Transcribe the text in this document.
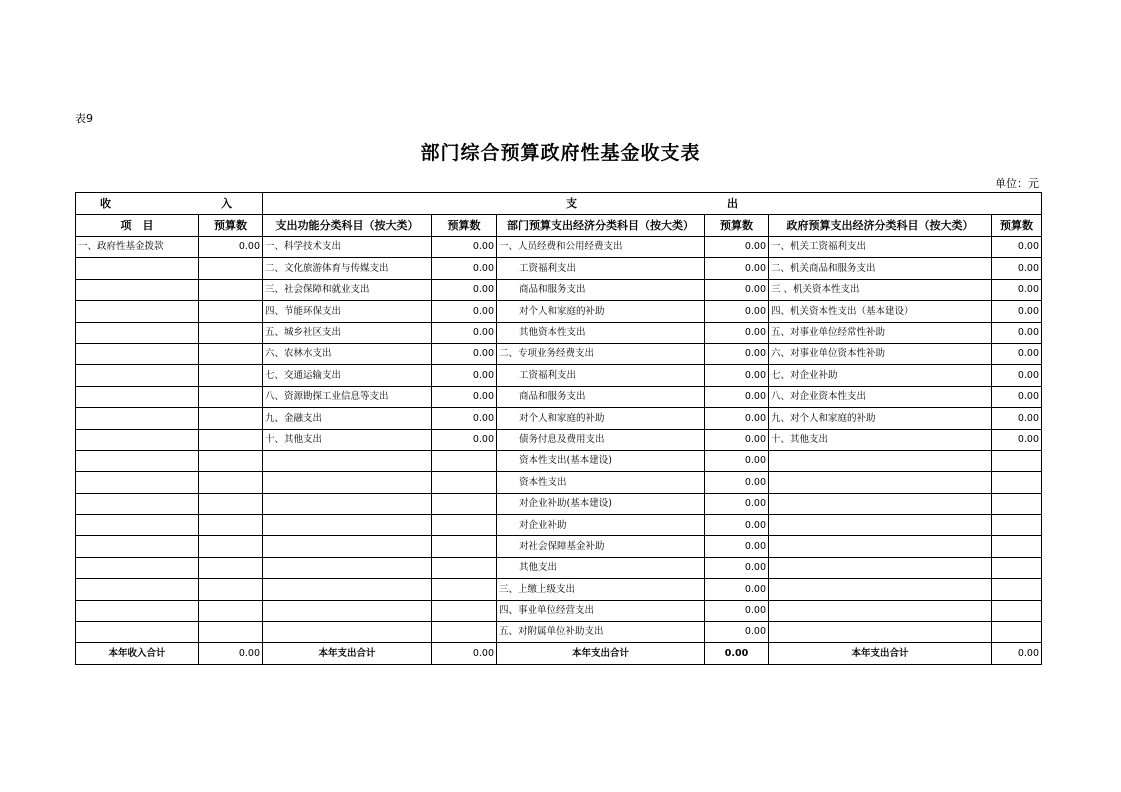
表9
部门综合预算政府性基金收支表
单位：元
收 入		支 出					

项　目	预算数	支出功能分类科目（按大类）	预算数	部门预算支出经济分类科目（按大类）	预算数	政府预算支出经济分类科目（按大类）	预算数
一、政府性基金拨款	0.00	一、科学技术支出	0.00	一、人员经费和公用经费支出	0.00	一、机关工资福利支出	0.00
		二、文化旅游体育与传媒支出	0.00	工资福利支出	0.00	二、机关商品和服务支出	0.00
		三、社会保障和就业支出	0.00	商品和服务支出	0.00	三 、机关资本性支出	0.00
		四、节能环保支出	0.00	对个人和家庭的补助	0.00	四、机关资本性支出（基本建设）	0.00
		五、城乡社区支出	0.00	其他资本性支出	0.00	五、对事业单位经常性补助	0.00
		六、农林水支出	0.00	二、专项业务经费支出	0.00	六、对事业单位资本性补助	0.00
		七、交通运输支出	0.00	工资福利支出	0.00	七、对企业补助	0.00
		八、资源勘探工业信息等支出	0.00	商品和服务支出	0.00	八、对企业资本性支出	0.00
		九、金融支出	0.00	对个人和家庭的补助	0.00	九、对个人和家庭的补助	0.00
		十、其他支出	0.00	债务付息及费用支出	0.00	十、其他支出	0.00
				资本性支出(基本建设)	0.00		
				资本性支出	0.00		
				对企业补助(基本建设)	0.00		
				对企业补助	0.00		
				对社会保障基金补助	0.00		
				其他支出	0.00		
				三、上缴上级支出	0.00		
				四、事业单位经营支出	0.00		
				五、对附属单位补助支出	0.00		
本年收入合计	0.00	本年支出合计	0.00	本年支出合计	0.00	本年支出合计	0.00
